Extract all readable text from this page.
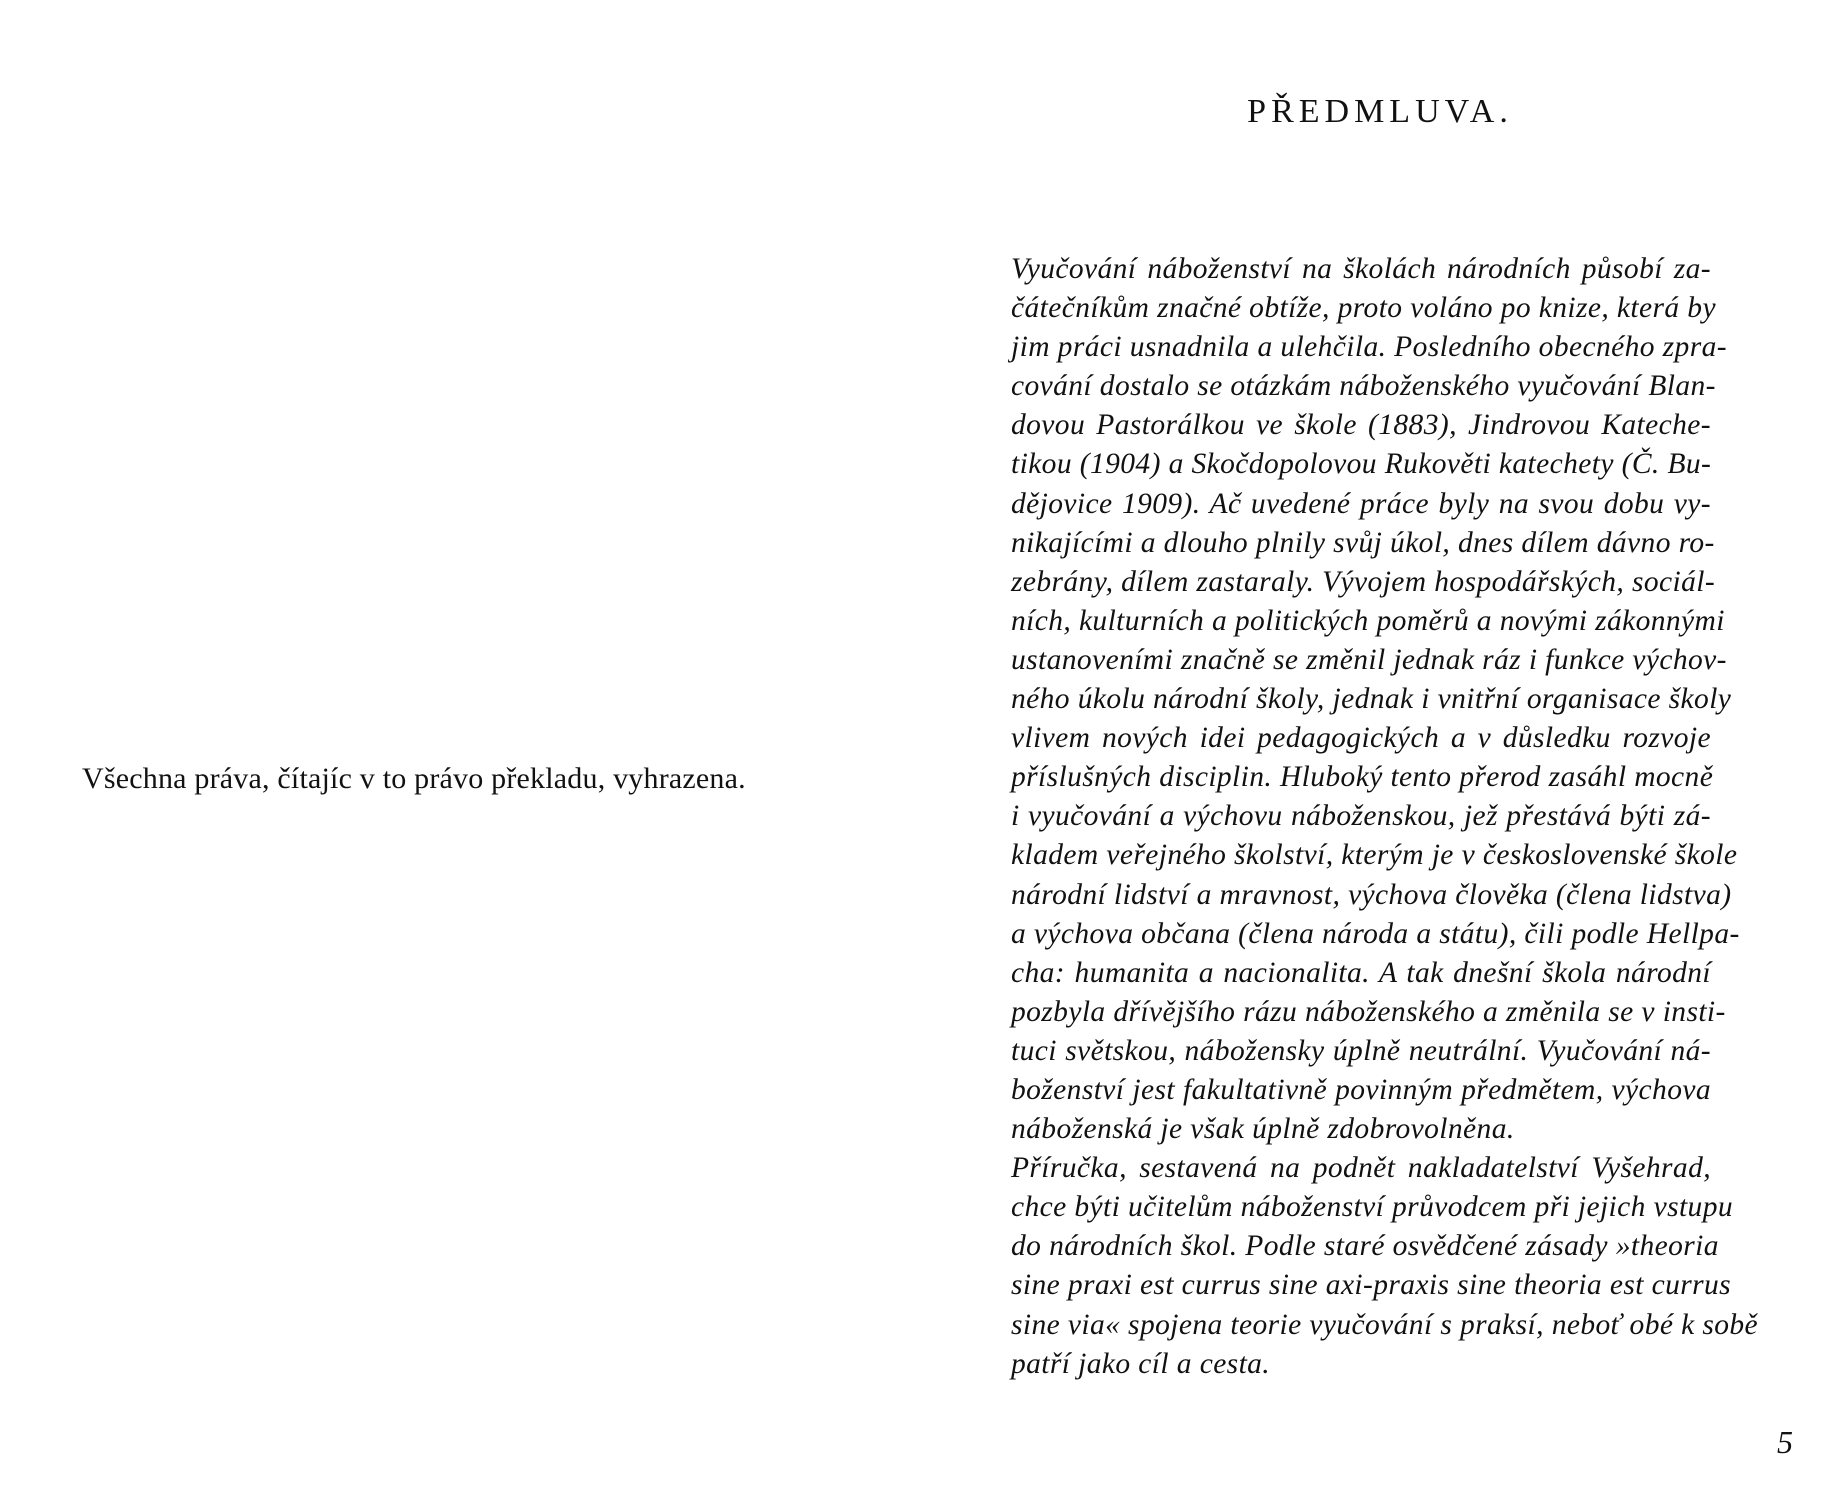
Všechna práva, čítajíc v to právo překladu, vyhrazena.
PŘEDMLUVA.
Vyučování náboženství na školách národních působí za-
čátečníkům značné obtíže, proto voláno po knize, která by
jim práci usnadnila a ulehčila. Posledního obecného zpra-
cování dostalo se otázkám náboženského vyučování Blan-
dovou Pastorálkou ve škole (1883), Jindrovou Kateche-
tikou (1904) a Skočdopolovou Rukověti katechety (Č. Bu-
dějovice 1909). Ač uvedené práce byly na svou dobu vy-
nikajícími a dlouho plnily svůj úkol, dnes dílem dávno ro-
zebrány, dílem zastaraly. Vývojem hospodářských, sociál-
ních, kulturních a politických poměrů a novými zákonnými
ustanoveními značně se změnil jednak ráz i funkce výchov-
ného úkolu národní školy, jednak i vnitřní organisace školy
vlivem nových idei pedagogických a v důsledku rozvoje
příslušných disciplin. Hluboký tento přerod zasáhl mocně
i vyučování a výchovu náboženskou, jež přestává býti zá-
kladem veřejného školství, kterým je v československé škole
národní lidství a mravnost, výchova člověka (člena lidstva)
a výchova občana (člena národa a státu), čili podle Hellpa-
cha: humanita a nacionalita. A tak dnešní škola národní
pozbyla dřívějšího rázu náboženského a změnila se v insti-
tuci světskou, nábožensky úplně neutrální. Vyučování ná-
boženství jest fakultativně povinným předmětem, výchova
náboženská je však úplně zdobrovolněna.
Příručka, sestavená na podnět nakladatelství Vyšehrad,
chce býti učitelům náboženství průvodcem při jejich vstupu
do národních škol. Podle staré osvědčené zásady »theoria
sine praxi est currus sine axi-praxis sine theoria est currus
sine via« spojena teorie vyučování s praksí, neboť obé k sobě
patří jako cíl a cesta.
5
